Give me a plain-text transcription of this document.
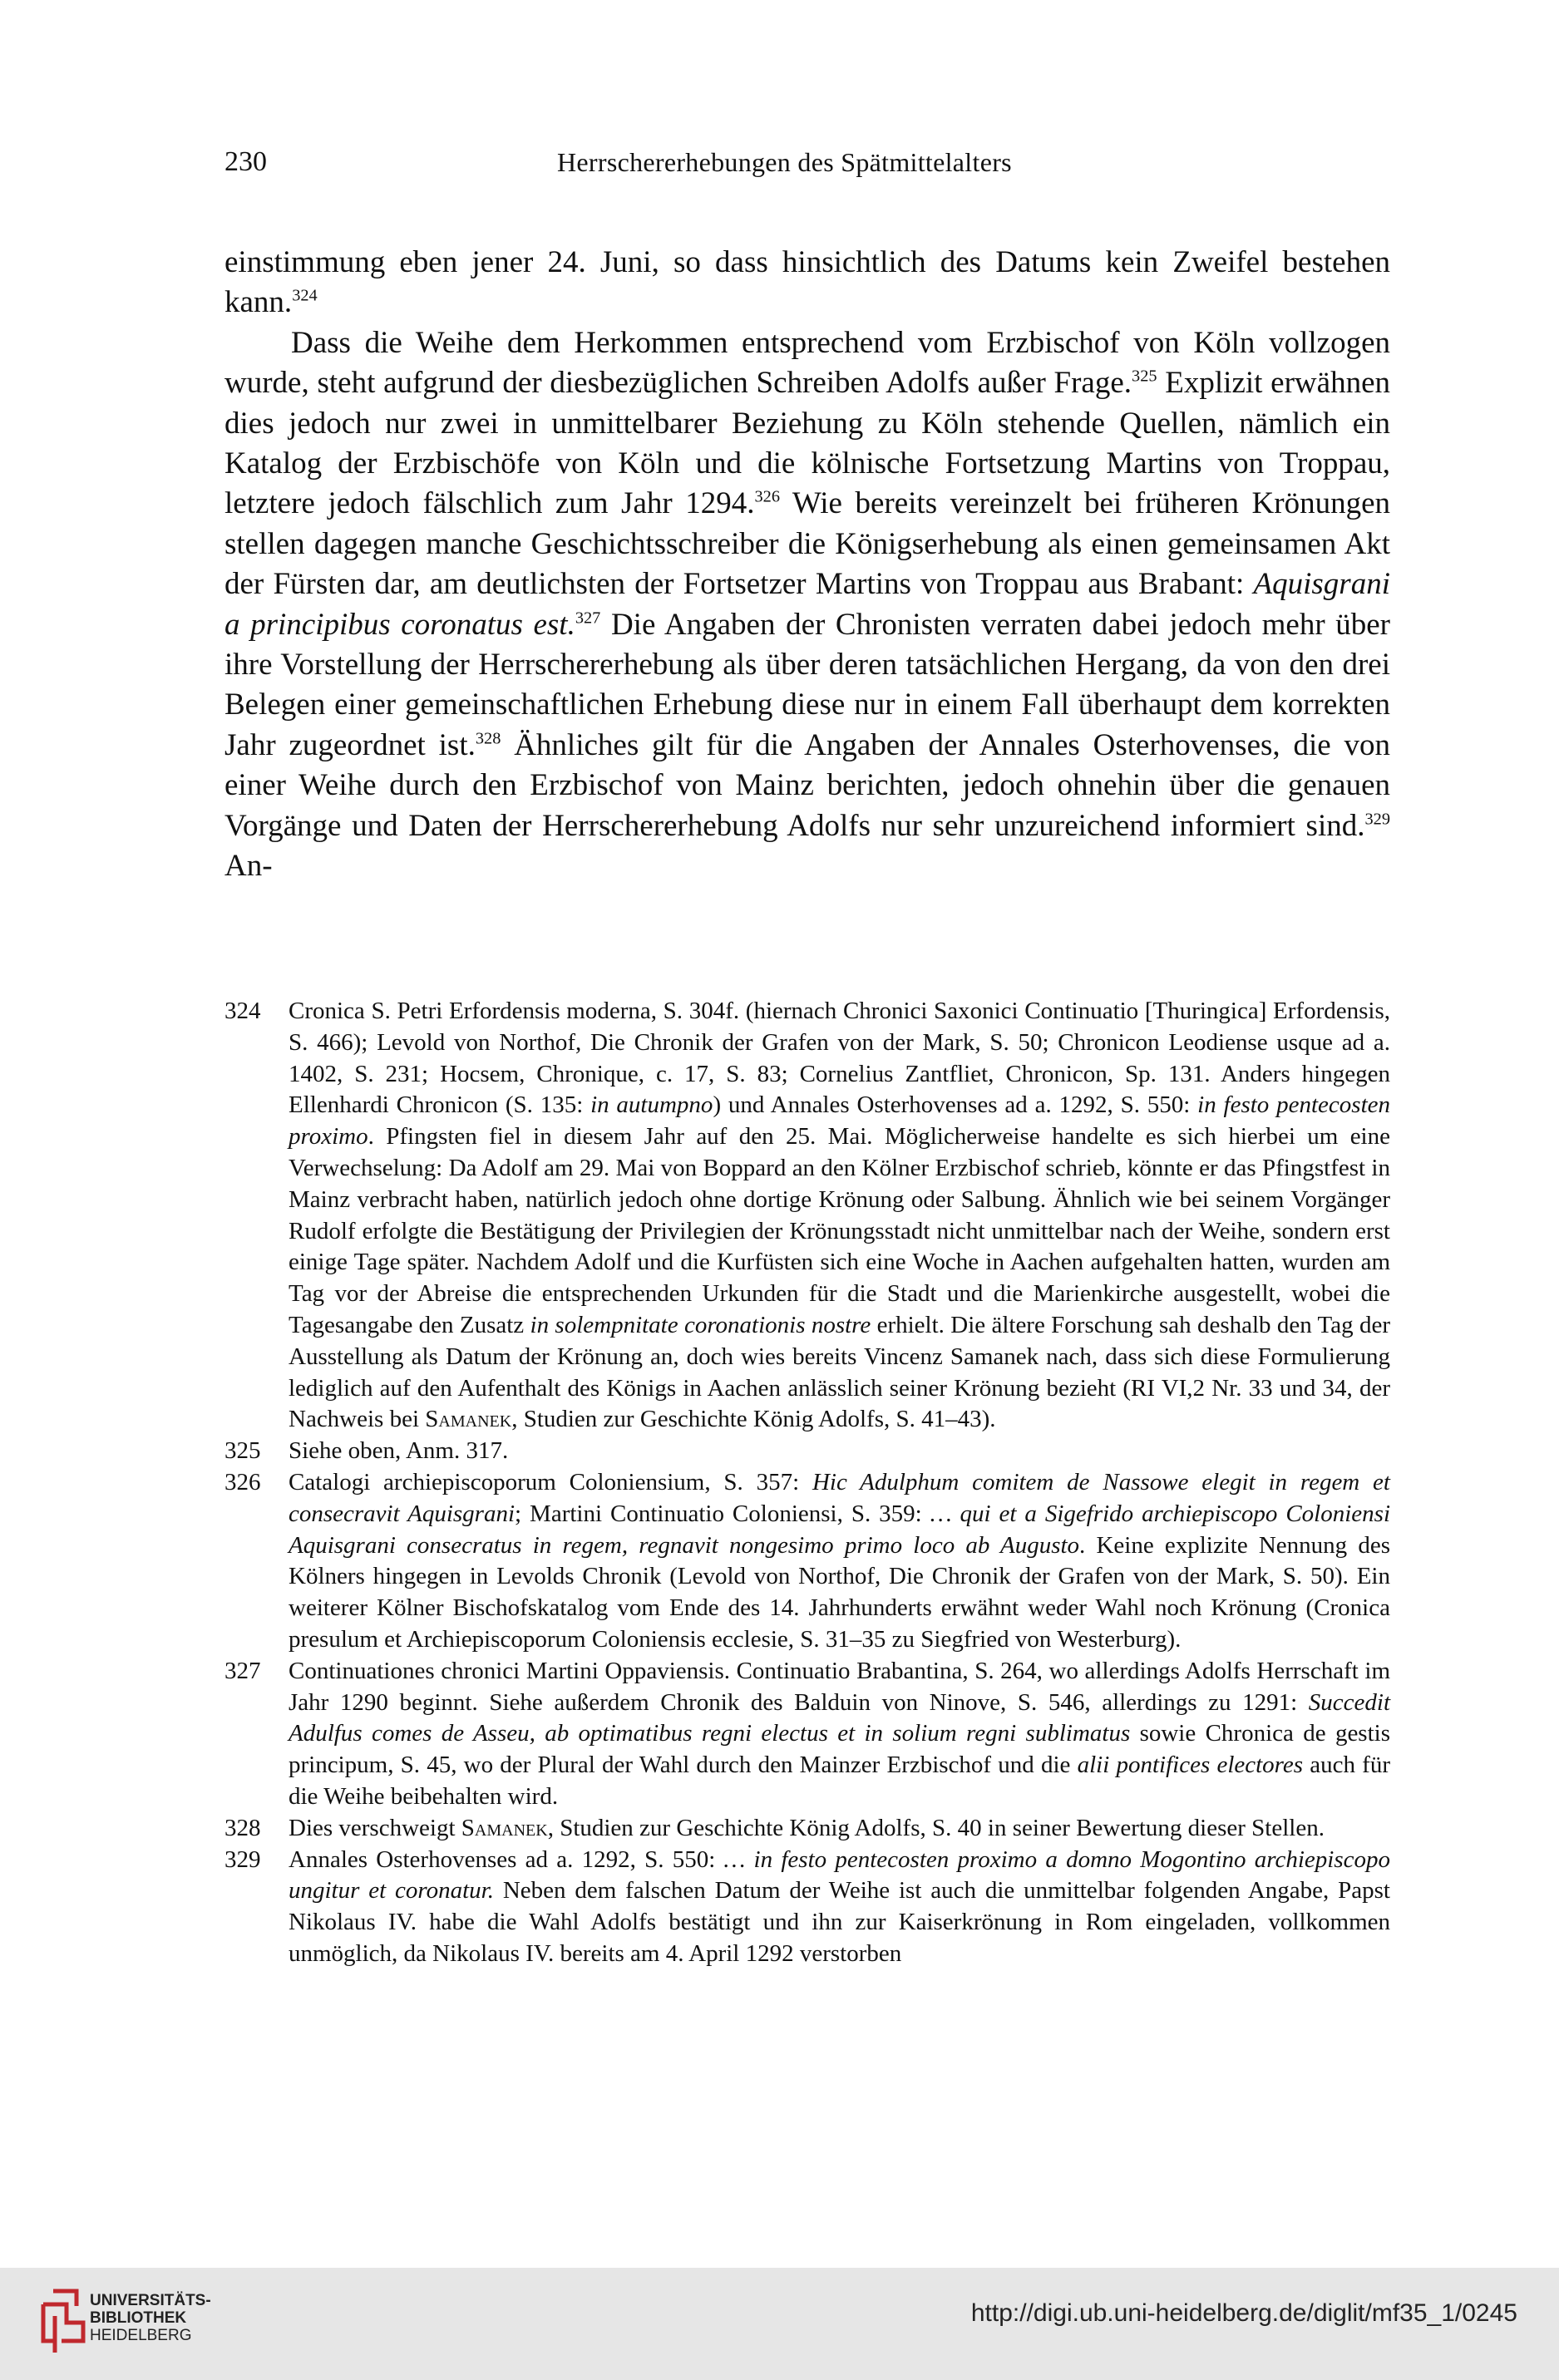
230	Herrschererhebungen des Spätmittelalters

einstimmung eben jener 24. Juni, so dass hinsichtlich des Datums kein Zweifel bestehen kann.$^{324}$

Dass die Weihe dem Herkommen entsprechend vom Erzbischof von Köln vollzogen wurde, steht aufgrund der diesbezüglichen Schreiben Adolfs außer Frage.$^{325}$ Explizit erwähnen dies jedoch nur zwei in unmittelbarer Beziehung zu Köln stehende Quellen, nämlich ein Katalog der Erzbischöfe von Köln und die kölnische Fortsetzung Martins von Troppau, letztere jedoch fälschlich zum Jahr 1294.$^{326}$ Wie bereits vereinzelt bei früheren Krönungen stellen dagegen manche Geschichtsschreiber die Königserhebung als einen gemeinsamen Akt der Fürsten dar, am deutlichsten der Fortsetzer Martins von Troppau aus Brabant: Aquisgrani a principibus coronatus est.$^{327}$ Die Angaben der Chronisten verraten dabei jedoch mehr über ihre Vorstellung der Herrschererhebung als über deren tatsächlichen Hergang, da von den drei Belegen einer gemeinschaftlichen Erhebung diese nur in einem Fall überhaupt dem korrekten Jahr zugeordnet ist.$^{328}$ Ähnliches gilt für die Angaben der Annales Osterhovenses, die von einer Weihe durch den Erzbischof von Mainz berichten, jedoch ohnehin über die genauen Vorgänge und Daten der Herrschererhebung Adolfs nur sehr unzureichend informiert sind.$^{329}$ An-

324 Cronica S. Petri Erfordensis moderna, S. 304f. (hiernach Chronici Saxonici Continuatio [Thuringica] Erfordensis, S. 466); Levold von Northof, Die Chronik der Grafen von der Mark, S. 50; Chronicon Leodiense usque ad a. 1402, S. 231; Hocsem, Chronique, c. 17, S. 83; Cornelius Zantfliet, Chronicon, Sp. 131. Anders hingegen Ellenhardi Chronicon (S. 135: in autumpno) und Annales Osterhovenses ad a. 1292, S. 550: in festo pentecosten proximo. Pfingsten fiel in diesem Jahr auf den 25. Mai. Möglicherweise handelte es sich hierbei um eine Verwechselung: Da Adolf am 29. Mai von Boppard an den Kölner Erzbischof schrieb, könnte er das Pfingstfest in Mainz verbracht haben, natürlich jedoch ohne dortige Krönung oder Salbung. Ähnlich wie bei seinem Vorgänger Rudolf erfolgte die Bestätigung der Privilegien der Krönungsstadt nicht unmittelbar nach der Weihe, sondern erst einige Tage später. Nachdem Adolf und die Kurfüsten sich eine Woche in Aachen aufgehalten hatten, wurden am Tag vor der Abreise die entsprechenden Urkunden für die Stadt und die Marienkirche ausgestellt, wobei die Tagesangabe den Zusatz in solempnitate coronationis nostre erhielt. Die ältere Forschung sah deshalb den Tag der Ausstellung als Datum der Krönung an, doch wies bereits Vincenz Samanek nach, dass sich diese Formulierung lediglich auf den Aufenthalt des Königs in Aachen anlässlich seiner Krönung bezieht (RI VI,2 Nr. 33 und 34, der Nachweis bei Samanek, Studien zur Geschichte König Adolfs, S. 41–43).
325 Siehe oben, Anm. 317.
326 Catalogi archiepiscoporum Coloniensium, S. 357: Hic Adulphum comitem de Nassowe elegit in regem et consecravit Aquisgrani; Martini Continuatio Coloniensi, S. 359: … qui et a Sigefrido archiepiscopo Coloniensi Aquisgrani consecratus in regem, regnavit nongesimo primo loco ab Augusto. Keine explizite Nennung des Kölners hingegen in Levolds Chronik (Levold von Northof, Die Chronik der Grafen von der Mark, S. 50). Ein weiterer Kölner Bischofskatalog vom Ende des 14. Jahrhunderts erwähnt weder Wahl noch Krönung (Cronica presulum et Archiepiscoporum Coloniensis ecclesie, S. 31–35 zu Siegfried von Westerburg).
327 Continuationes chronici Martini Oppaviensis. Continuatio Brabantina, S. 264, wo allerdings Adolfs Herrschaft im Jahr 1290 beginnt. Siehe außerdem Chronik des Balduin von Ninove, S. 546, allerdings zu 1291: Succedit Adulfus comes de Asseu, ab optimatibus regni electus et in solium regni sublimatus sowie Chronica de gestis principum, S. 45, wo der Plural der Wahl durch den Mainzer Erzbischof und die alii pontifices electores auch für die Weihe beibehalten wird.
328 Dies verschweigt Samanek, Studien zur Geschichte König Adolfs, S. 40 in seiner Bewertung dieser Stellen.
329 Annales Osterhovenses ad a. 1292, S. 550: … in festo pentecosten proximo a domno Mogontino archiepiscopo ungitur et coronatur. Neben dem falschen Datum der Weihe ist auch die unmittelbar folgenden Angabe, Papst Nikolaus IV. habe die Wahl Adolfs bestätigt und ihn zur Kaiserkrönung in Rom eingeladen, vollkommen unmöglich, da Nikolaus IV. bereits am 4. April 1292 verstorben
UNIVERSITÄTS-
BIBLIOTHEK
HEIDELBERG
http://digi.ub.uni-heidelberg.de/diglit/mf35_1/0245
